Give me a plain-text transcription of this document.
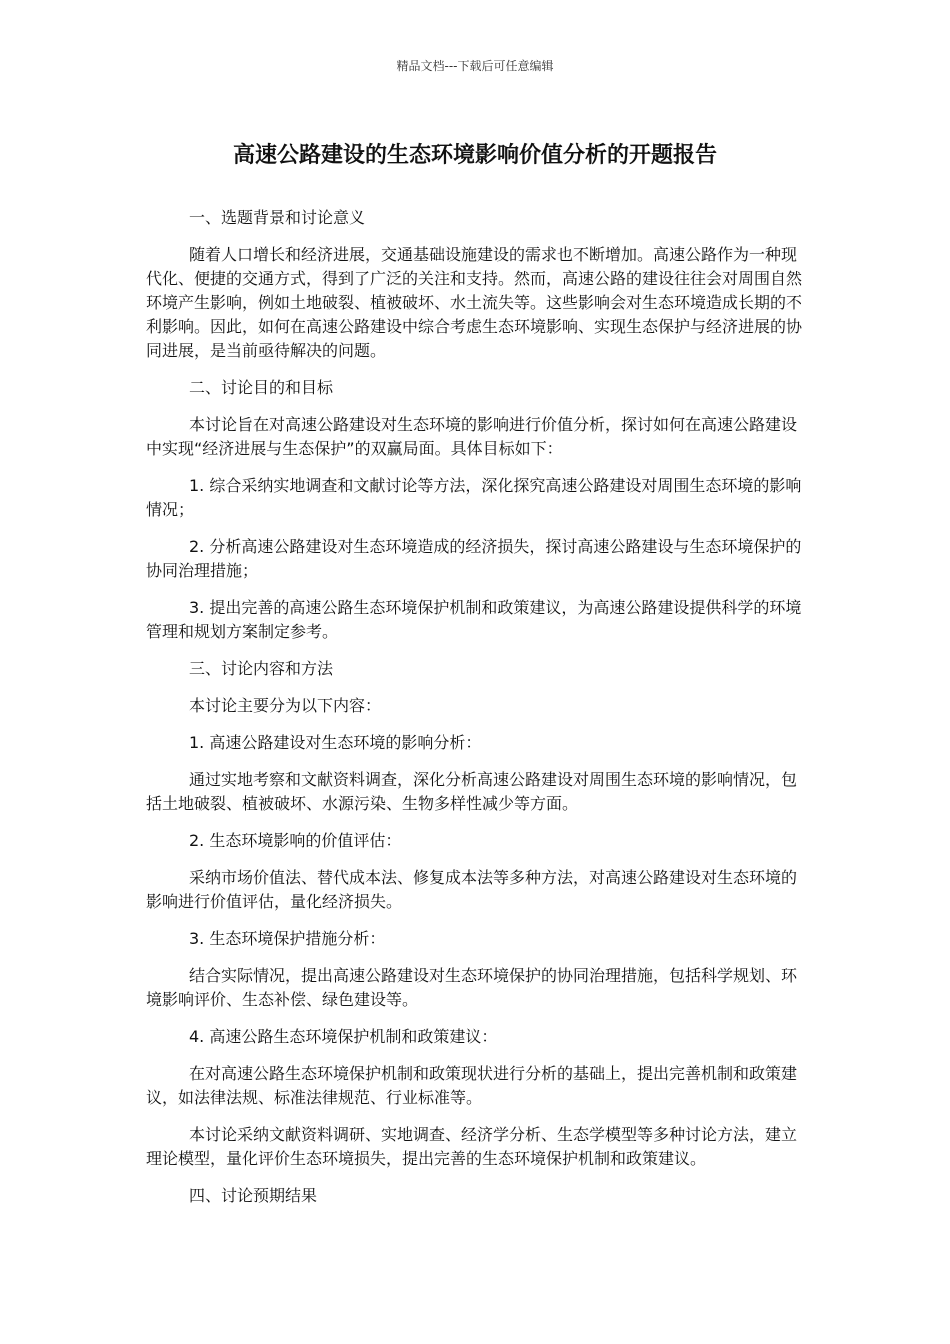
精品文档---下载后可任意编辑
高速公路建设的生态环境影响价值分析的开题报告

一、选题背景和讨论意义

随着人口增长和经济进展，交通基础设施建设的需求也不断增加。高速公路作为一种现代化、便捷的交通方式，得到了广泛的关注和支持。然而，高速公路的建设往往会对周围自然环境产生影响，例如土地破裂、植被破坏、水土流失等。这些影响会对生态环境造成长期的不利影响。因此，如何在高速公路建设中综合考虑生态环境影响、实现生态保护与经济进展的协同进展，是当前亟待解决的问题。

二、讨论目的和目标

本讨论旨在对高速公路建设对生态环境的影响进行价值分析，探讨如何在高速公路建设中实现“经济进展与生态保护”的双赢局面。具体目标如下：

1. 综合采纳实地调查和文献讨论等方法，深化探究高速公路建设对周围生态环境的影响情况；

2. 分析高速公路建设对生态环境造成的经济损失，探讨高速公路建设与生态环境保护的协同治理措施；

3. 提出完善的高速公路生态环境保护机制和政策建议，为高速公路建设提供科学的环境管理和规划方案制定参考。

三、讨论内容和方法

本讨论主要分为以下内容：

1. 高速公路建设对生态环境的影响分析：

通过实地考察和文献资料调查，深化分析高速公路建设对周围生态环境的影响情况，包括土地破裂、植被破坏、水源污染、生物多样性减少等方面。

2. 生态环境影响的价值评估：

采纳市场价值法、替代成本法、修复成本法等多种方法，对高速公路建设对生态环境的影响进行价值评估，量化经济损失。

3. 生态环境保护措施分析：

结合实际情况，提出高速公路建设对生态环境保护的协同治理措施，包括科学规划、环境影响评价、生态补偿、绿色建设等。

4. 高速公路生态环境保护机制和政策建议：

在对高速公路生态环境保护机制和政策现状进行分析的基础上，提出完善机制和政策建议，如法律法规、标准法律规范、行业标准等。

本讨论采纳文献资料调研、实地调查、经济学分析、生态学模型等多种讨论方法，建立理论模型，量化评价生态环境损失，提出完善的生态环境保护机制和政策建议。

四、讨论预期结果
